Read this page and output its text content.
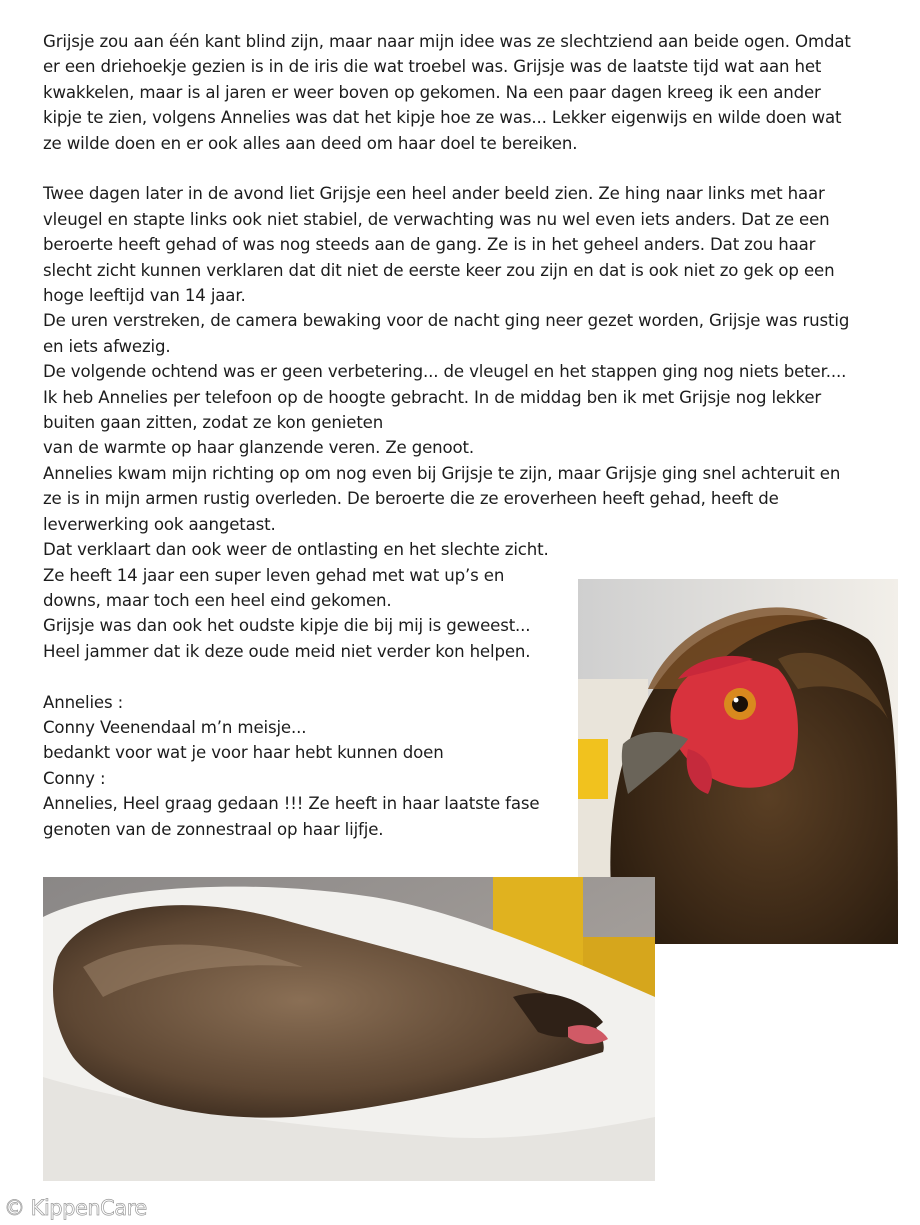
Grijsje zou aan één kant blind zijn, maar naar mijn idee was ze slechtziend aan beide ogen. Omdat

er een driehoekje gezien is in de iris die wat troebel was. Grijsje was de laatste tijd wat aan het

kwakkelen, maar is al jaren er weer boven op gekomen. Na een paar dagen kreeg ik een ander

kipje te zien, volgens Annelies was dat het kipje hoe ze was... Lekker eigenwijs en wilde doen wat

ze wilde doen en er ook alles aan deed om haar doel te bereiken.

Twee dagen later in de avond liet Grijsje een heel ander beeld zien. Ze hing naar links met haar

vleugel en stapte links ook niet stabiel, de verwachting was nu wel even iets anders. Dat ze een

beroerte heeft gehad of was nog steeds aan de gang. Ze is in het geheel anders. Dat zou haar

slecht zicht kunnen verklaren dat dit niet de eerste keer zou zijn en dat is ook niet zo gek op een

hoge leeftijd van 14 jaar.

De uren verstreken, de camera bewaking voor de nacht ging neer gezet worden, Grijsje was rustig

en iets afwezig.

De volgende ochtend was er geen verbetering... de vleugel en het stappen ging nog niets beter....

Ik heb Annelies per telefoon op de hoogte gebracht. In de middag ben ik met Grijsje nog lekker

buiten gaan zitten, zodat ze kon genieten

van de warmte op haar glanzende veren. Ze genoot.

Annelies kwam mijn richting op om nog even bij Grijsje te zijn, maar Grijsje ging snel achteruit en

ze is in mijn armen rustig overleden. De beroerte die ze eroverheen heeft gehad, heeft de

leverwerking ook aangetast.

Dat verklaart dan ook weer de ontlasting en het slechte zicht.

Ze heeft 14 jaar een super leven gehad met wat up’s en

downs, maar toch een heel eind gekomen.

Grijsje was dan ook het oudste kipje die bij mij is geweest...

Heel jammer dat ik deze oude meid niet verder kon helpen.

Annelies :

Conny Veenendaal m’n meisje...

bedankt voor wat je voor haar hebt kunnen doen

Conny :

Annelies, Heel graag gedaan !!! Ze heeft in haar laatste fase

genoten van de zonnestraal op haar lijfje.

© KippenCare
